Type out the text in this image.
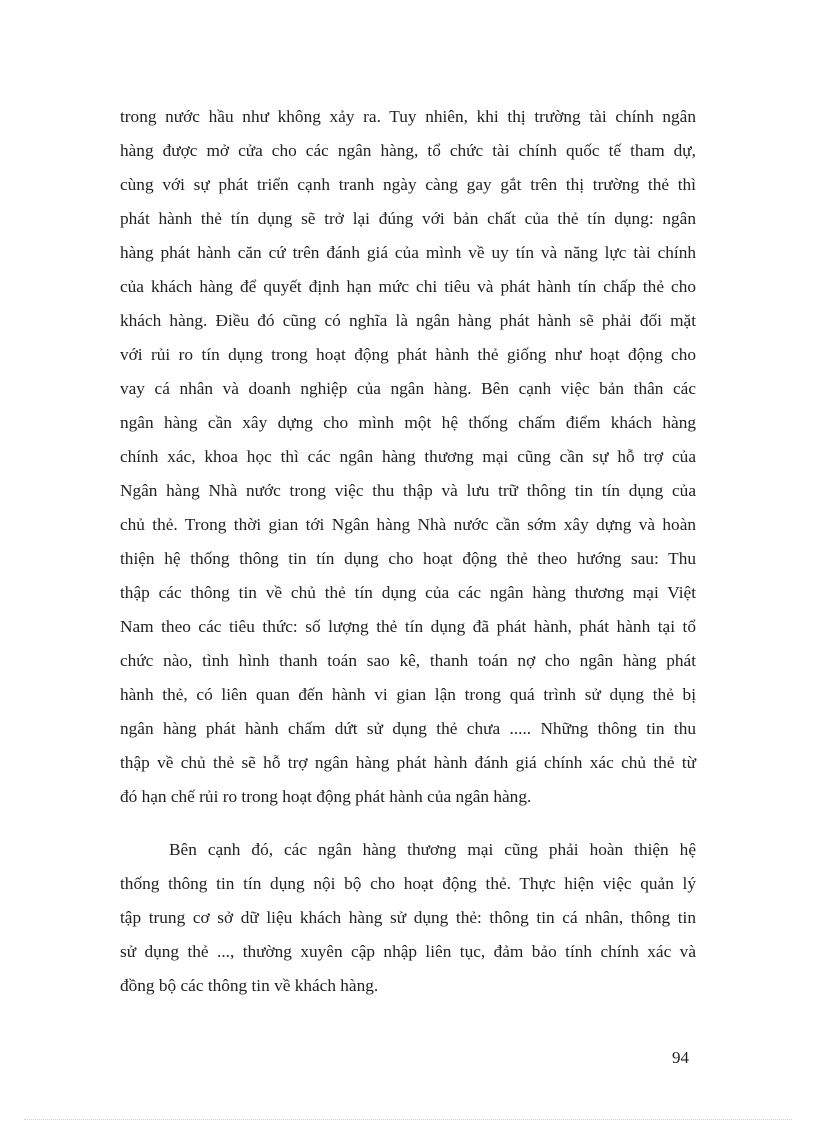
trong nước hầu như không xảy ra. Tuy nhiên, khi thị trường tài chính ngân
hàng được mở cửa cho các ngân hàng, tổ chức tài chính quốc tế tham dự,
cùng với sự phát triển cạnh tranh ngày càng gay gắt trên thị trường thẻ thì
phát hành thẻ tín dụng sẽ trở lại đúng với bản chất của thẻ tín dụng: ngân
hàng phát hành căn cứ trên đánh giá của mình về uy tín và năng lực tài chính
của khách hàng để quyết định hạn mức chi tiêu và phát hành tín chấp thẻ cho
khách hàng. Điều đó cũng có nghĩa là ngân hàng phát hành sẽ phải đối mặt
với rủi ro tín dụng trong hoạt động phát hành thẻ giống như hoạt động cho
vay cá nhân và doanh nghiệp của ngân hàng. Bên cạnh việc bản thân các
ngân hàng cần xây dựng cho mình một hệ thống chấm điểm khách hàng
chính xác, khoa học thì các ngân hàng thương mại cũng cần sự hỗ trợ của
Ngân hàng Nhà nước trong việc thu thập và lưu trữ thông tin tín dụng của
chủ thẻ. Trong thời gian tới Ngân hàng Nhà nước cần sớm xây dựng và hoàn
thiện hệ thống thông tin tín dụng cho hoạt động thẻ theo hướng sau: Thu
thập các thông tin về chủ thẻ tín dụng của các ngân hàng thương mại Việt
Nam theo các tiêu thức: số lượng thẻ tín dụng đã phát hành, phát hành tại tổ
chức nào, tình hình thanh toán sao kê, thanh toán nợ cho ngân hàng phát
hành thẻ, có liên quan đến hành vi gian lận trong quá trình sử dụng thẻ bị
ngân hàng phát hành chấm dứt sử dụng thẻ chưa ..... Những thông tin thu
thập về chủ thẻ sẽ hỗ trợ ngân hàng phát hành đánh giá chính xác chủ thẻ từ
đó hạn chế rủi ro trong hoạt động phát hành của ngân hàng.
Bên cạnh đó, các ngân hàng thương mại cũng phải hoàn thiện hệ
thống thông tin tín dụng nội bộ cho hoạt động thẻ. Thực hiện việc quản lý
tập trung cơ sở dữ liệu khách hàng sử dụng thẻ: thông tin cá nhân, thông tin
sử dụng thẻ ..., thường xuyên cập nhập liên tục, đảm bảo tính chính xác và
đồng bộ các thông tin về khách hàng.
94
